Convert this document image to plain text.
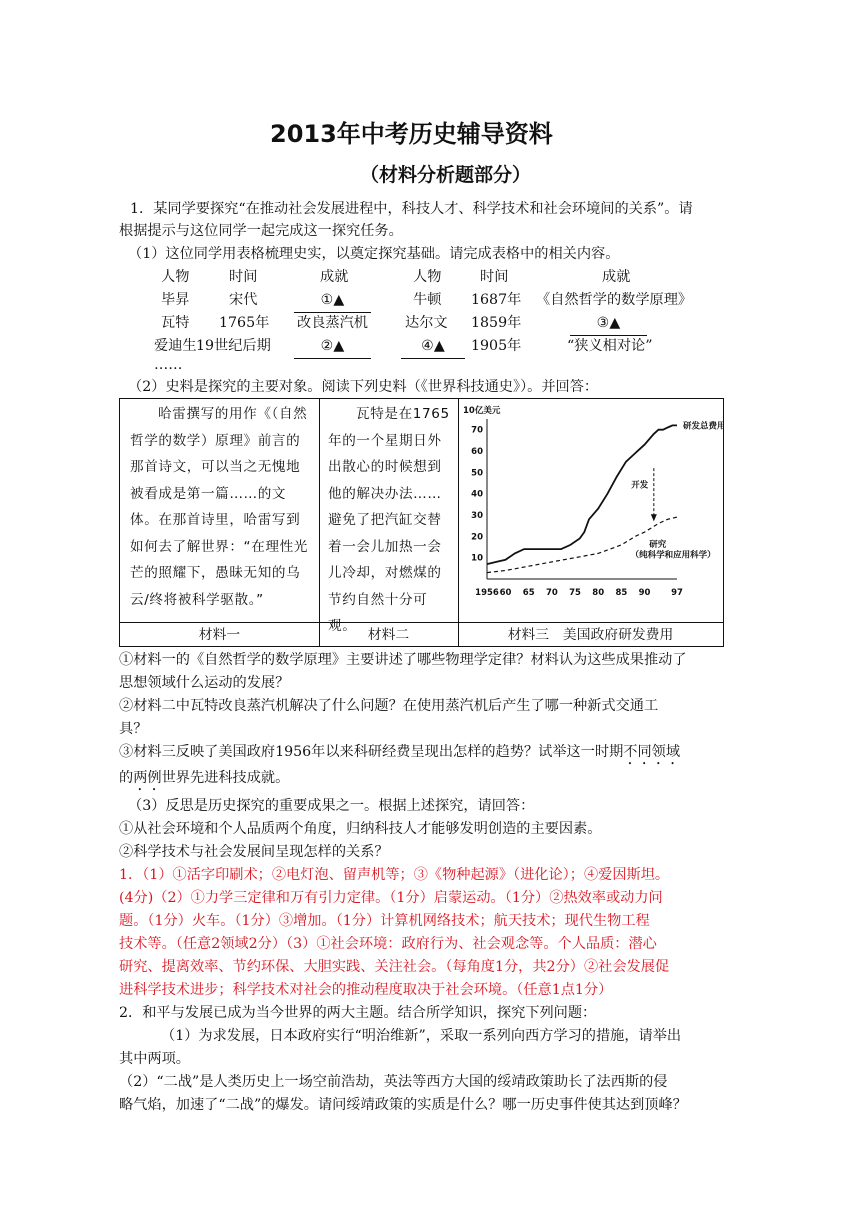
2013年中考历史辅导资料
（材料分析题部分）
1．某同学要探究“在推动社会发展进程中，科技人才、科学技术和社会环境间的关系”。请
根据提示与这位同学一起完成这一探究任务。
（1）这位同学用表格梳理史实，以奠定探究基础。请完成表格中的相关内容。
人物	时间	成就	人物	时间	成就
毕昇	宋代	①▲	牛顿 1687年 《自然哲学的数学原理》
瓦特 1765年 改良蒸汽机	达尔文 1859年	③▲
爱迪生 19世纪后期	②▲	④▲	1905年	“狭义相对论”
……
（2）史料是探究的主要对象。阅读下列史料（《世界科技通史》）。并回答：
哈雷撰写的用作《（自然哲学的数学）原理》前言的那首诗文，可以当之无愧地被看成是第一篇……的文体。在那首诗里，哈雷写到如何去了解世界：“在理性光芒的照耀下，愚昧无知的乌云/终将被科学驱散。”
瓦特是在1765年的一个星期日外出散心的时候想到他的解决办法……避免了把汽缸交替着一会儿加热一会儿冷却，对燃煤的节约自然十分可观。
10亿美元
10
20
30
40
50
60
70
1956 60 65 70 75 80 85 90 97
研发总费用
开发
研究
（纯科学和应用科学）
材料一	材料二	材料三　美国政府研发费用
①材料一的《自然哲学的数学原理》主要讲述了哪些物理学定律？材料认为这些成果推动了
思想领域什么运动的发展？
②材料二中瓦特改良蒸汽机解决了什么问题？在使用蒸汽机后产生了哪一种新式交通工
具？
③材料三反映了美国政府1956年以来科研经费呈现出怎样的趋势？试举这一时期不同领域
的两例世界先进科技成就。
（3）反思是历史探究的重要成果之一。根据上述探究，请回答：
①从社会环境和个人品质两个角度，归纳科技人才能够发明创造的主要因素。
②科学技术与社会发展间呈现怎样的关系？
1．（1）①活字印刷术；②电灯泡、留声机等；③《物种起源》（进化论）；④爱因斯坦。
(4分)（2）①力学三定律和万有引力定律。（1分）启蒙运动。（1分）②热效率或动力问
题。（1分）火车。（1分）③增加。（1分）计算机网络技术；航天技术；现代生物工程
技术等。（任意2领域2分）（3）①社会环境：政府行为、社会观念等。个人品质：潜心
研究、提离效率、节约环保、大胆实践、关注社会。（每角度1分，共2分）②社会发展促
进科学技术进步；科学技术对社会的推动程度取决于社会环境。（任意1点1分）
2．和平与发展已成为当今世界的两大主题。结合所学知识，探究下列问题：
（1）为求发展，日本政府实行“明治维新”，采取一系列向西方学习的措施，请举出
其中两项。
（2）“二战”是人类历史上一场空前浩劫，英法等西方大国的绥靖政策助长了法西斯的侵
略气焰，加速了“二战”的爆发。请问绥靖政策的实质是什么？哪一历史事件使其达到顶峰？
